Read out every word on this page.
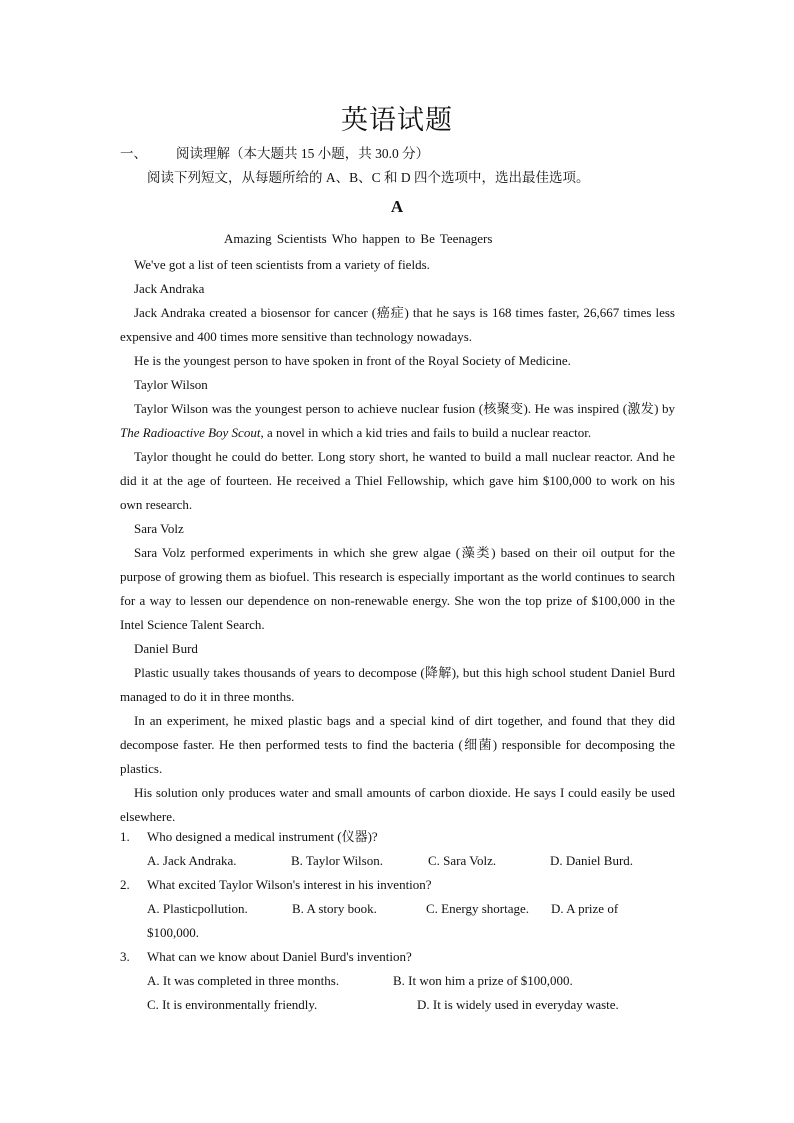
英语试题
一、 阅读理解（本大题共 15 小题，共 30.0 分）
阅读下列短文，从每题所给的 A、B、C 和 D 四个选项中，选出最佳选项。
A
Amazing Scientists Who happen to Be Teenagers

We've got a list of teen scientists from a variety of fields.

Jack Andraka

Jack Andraka created a biosensor for cancer (癌症) that he says is 168 times faster, 26,667 times less expensive and 400 times more sensitive than technology nowadays.

He is the youngest person to have spoken in front of the Royal Society of Medicine.

Taylor Wilson

Taylor Wilson was the youngest person to achieve nuclear fusion (核聚变). He was inspired (激发) by The Radioactive Boy Scout, a novel in which a kid tries and fails to build a nuclear reactor.

Taylor thought he could do better. Long story short, he wanted to build a mall nuclear reactor. And he did it at the age of fourteen. He received a Thiel Fellowship, which gave him $100,000 to work on his own research.

Sara Volz

Sara Volz performed experiments in which she grew algae (藻类) based on their oil output for the purpose of growing them as biofuel. This research is especially important as the world continues to search for a way to lessen our dependence on non-renewable energy. She won the top prize of $100,000 in the Intel Science Talent Search.

Daniel Burd

Plastic usually takes thousands of years to decompose (降解), but this high school student Daniel Burd managed to do it in three months.

In an experiment, he mixed plastic bags and a special kind of dirt together, and found that they did decompose faster. He then performed tests to find the bacteria (细菌) responsible for decomposing the plastics.

His solution only produces water and small amounts of carbon dioxide. He says I could easily be used elsewhere.

1. Who designed a medical instrument (仪器)?
A. Jack Andraka.	B. Taylor Wilson.	C. Sara Volz.	D. Daniel Burd.
2. What excited Taylor Wilson's interest in his invention?
A. Plasticpollution.	B. A story book.	C. Energy shortage. D. A prize of
$100,000.
3. What can we know about Daniel Burd's invention?
A. It was completed in three months.	B. It won him a prize of $100,000.
C. It is environmentally friendly.	D. It is widely used in everyday waste.
